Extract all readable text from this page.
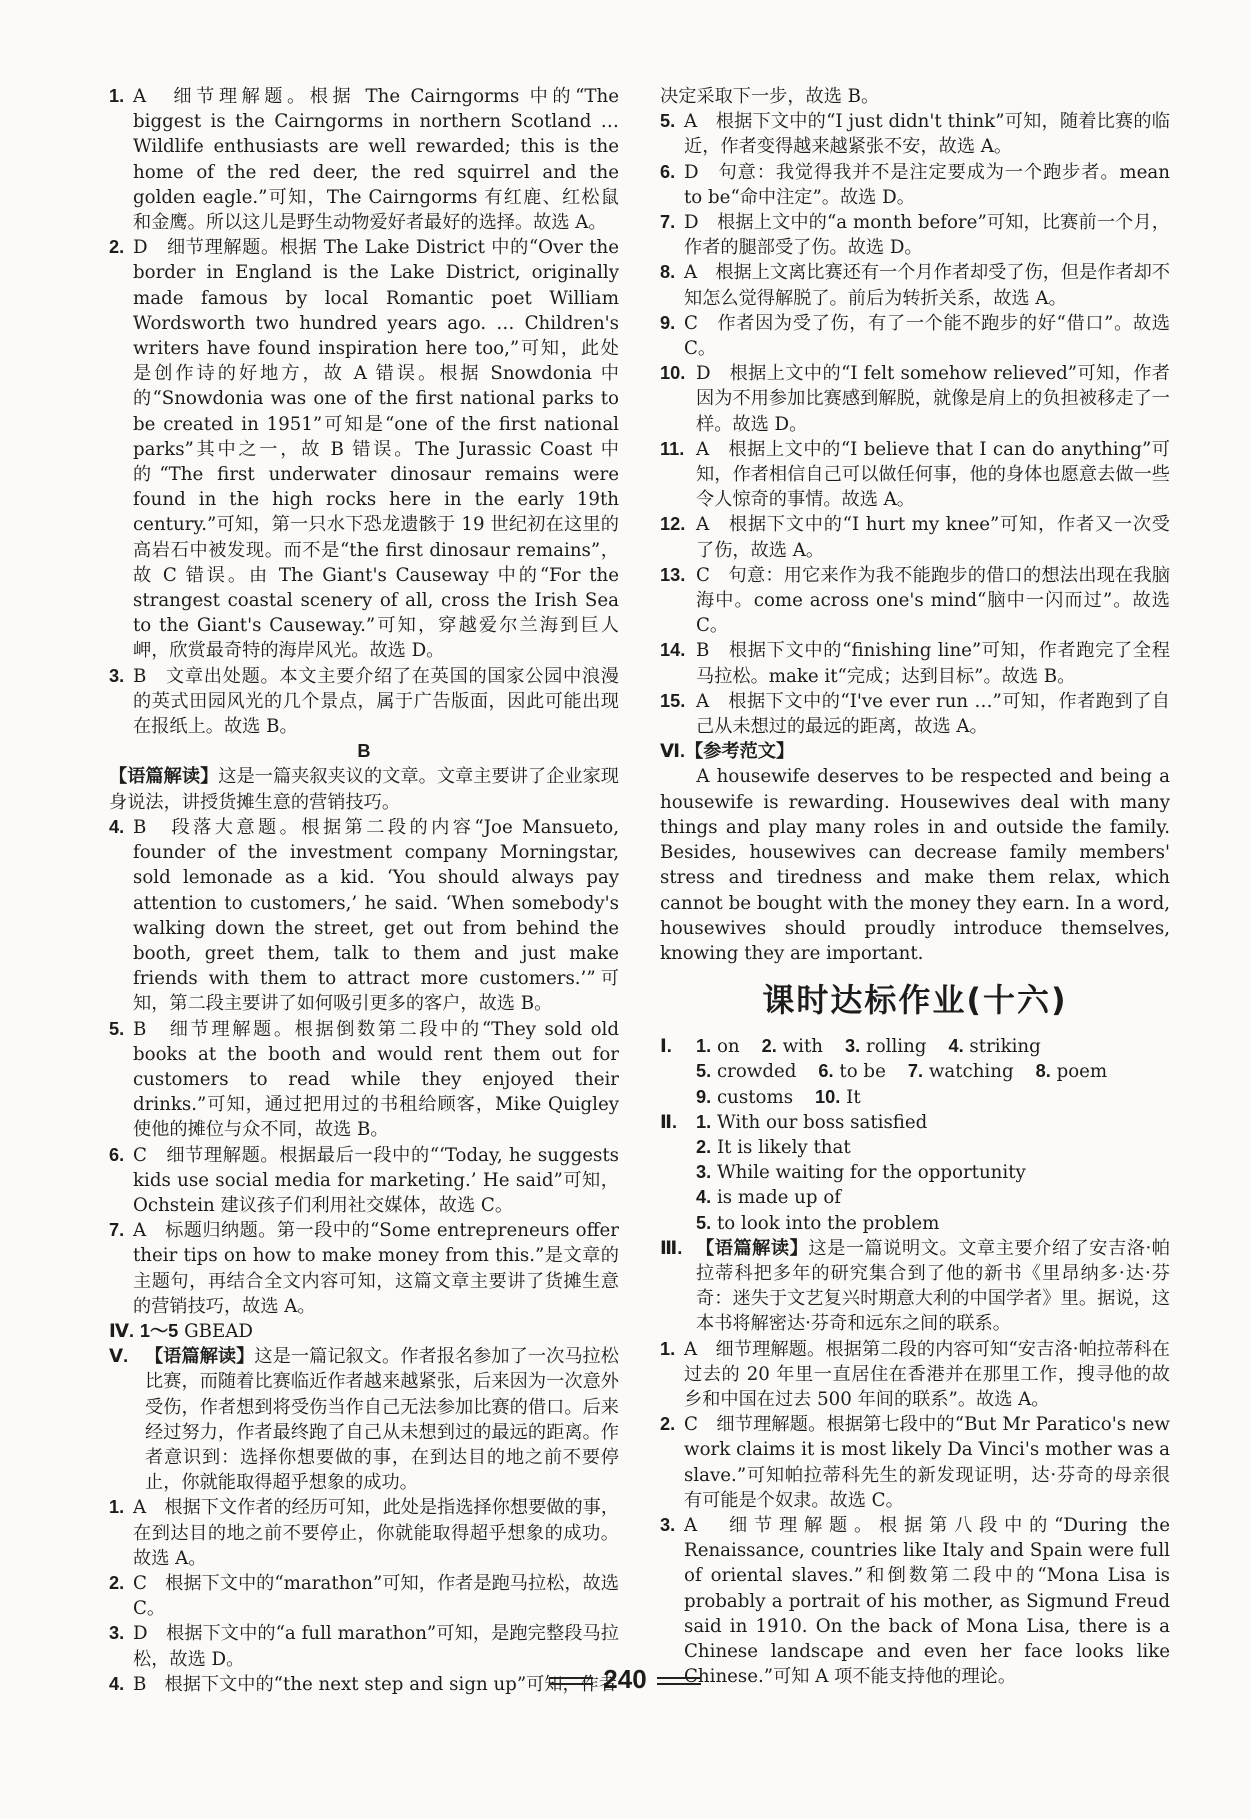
1. A　细节理解题。根据 The Cairngorms 中的“The biggest is the Cairngorms in northern Scotland … Wildlife enthusiasts are well rewarded; this is the home of the red deer, the red squirrel and the golden eagle.”可知，The Cairngorms 有红鹿、红松鼠和金鹰。所以这儿是野生动物爱好者最好的选择。故选 A。
2. D　细节理解题。根据 The Lake District 中的“Over the border in England is the Lake District, originally made famous by local Romantic poet William Wordsworth two hundred years ago. … Children's writers have found inspiration here too,”可知，此处是创作诗的好地方，故 A 错误。根据 Snowdonia 中的“Snowdonia was one of the first national parks to be created in 1951”可知是“one of the first national parks”其中之一，故 B 错误。The Jurassic Coast 中的“The first underwater dinosaur remains were found in the high rocks here in the early 19th century.”可知，第一只水下恐龙遗骸于 19 世纪初在这里的高岩石中被发现。而不是“the first dinosaur remains”，故 C 错误。由 The Giant's Causeway 中的“For the strangest coastal scenery of all, cross the Irish Sea to the Giant's Causeway.”可知，穿越爱尔兰海到巨人岬，欣赏最奇特的海岸风光。故选 D。
3. B　文章出处题。本文主要介绍了在英国的国家公园中浪漫的英式田园风光的几个景点，属于广告版面，因此可能出现在报纸上。故选 B。
B
【语篇解读】这是一篇夹叙夹议的文章。文章主要讲了企业家现身说法，讲授货摊生意的营销技巧。
4. B　段落大意题。根据第二段的内容“Joe Mansueto, founder of the investment company Morningstar, sold lemonade as a kid. ‘You should always pay attention to customers,’ he said. ‘When somebody's walking down the street, get out from behind the booth, greet them, talk to them and just make friends with them to attract more customers.’”可知，第二段主要讲了如何吸引更多的客户，故选 B。
5. B　细节理解题。根据倒数第二段中的“They sold old books at the booth and would rent them out for customers to read while they enjoyed their drinks.”可知，通过把用过的书租给顾客，Mike Quigley 使他的摊位与众不同，故选 B。
6. C　细节理解题。根据最后一段中的“‘Today, he suggests kids use social media for marketing.’ He said”可知，Ochstein 建议孩子们利用社交媒体，故选 C。
7. A　标题归纳题。第一段中的“Some entrepreneurs offer their tips on how to make money from this.”是文章的主题句，再结合全文内容可知，这篇文章主要讲了货摊生意的营销技巧，故选 A。
Ⅳ. 1～5 GBEAD
Ⅴ. 【语篇解读】这是一篇记叙文。作者报名参加了一次马拉松比赛，而随着比赛临近作者越来越紧张，后来因为一次意外受伤，作者想到将受伤当作自己无法参加比赛的借口。后来经过努力，作者最终跑了自己从未想到过的最远的距离。作者意识到：选择你想要做的事，在到达目的地之前不要停止，你就能取得超乎想象的成功。
1. A　根据下文作者的经历可知，此处是指选择你想要做的事，在到达目的地之前不要停止，你就能取得超乎想象的成功。故选 A。
2. C　根据下文中的“marathon”可知，作者是跑马拉松，故选 C。
3. D　根据下文中的“a full marathon”可知，是跑完整段马拉松，故选 D。
4. B　根据下文中的“the next step and sign up”可知，作者
决定采取下一步，故选 B。
5. A　根据下文中的“I just didn't think”可知，随着比赛的临近，作者变得越来越紧张不安，故选 A。
6. D　句意：我觉得我并不是注定要成为一个跑步者。mean to be“命中注定”。故选 D。
7. D　根据上文中的“a month before”可知，比赛前一个月，作者的腿部受了伤。故选 D。
8. A　根据上文离比赛还有一个月作者却受了伤，但是作者却不知怎么觉得解脱了。前后为转折关系，故选 A。
9. C　作者因为受了伤，有了一个能不跑步的好“借口”。故选 C。
10. D　根据上文中的“I felt somehow relieved”可知，作者因为不用参加比赛感到解脱，就像是肩上的负担被移走了一样。故选 D。
11. A　根据上文中的“I believe that I can do anything”可知，作者相信自己可以做任何事，他的身体也愿意去做一些令人惊奇的事情。故选 A。
12. A　根据下文中的“I hurt my knee”可知，作者又一次受了伤，故选 A。
13. C　句意：用它来作为我不能跑步的借口的想法出现在我脑海中。come across one's mind“脑中一闪而过”。故选 C。
14. B　根据下文中的“finishing line”可知，作者跑完了全程马拉松。make it“完成；达到目标”。故选 B。
15. A　根据下文中的“I've ever run …”可知，作者跑到了自己从未想过的最远的距离，故选 A。
Ⅵ.【参考范文】
A housewife deserves to be respected and being a housewife is rewarding. Housewives deal with many things and play many roles in and outside the family. Besides, housewives can decrease family members' stress and tiredness and make them relax, which cannot be bought with the money they earn. In a word, housewives should proudly introduce themselves, knowing they are important.
课时达标作业(十六)
Ⅰ. 1. on 2. with 3. rolling 4. striking
5. crowded 6. to be 7. watching 8. poem
9. customs 10. It
Ⅱ. 1. With our boss satisfied
2. It is likely that
3. While waiting for the opportunity
4. is made up of
5. to look into the problem
Ⅲ. 【语篇解读】这是一篇说明文。文章主要介绍了安吉洛·帕拉蒂科把多年的研究集合到了他的新书《里昂纳多·达·芬奇：迷失于文艺复兴时期意大利的中国学者》里。据说，这本书将解密达·芬奇和远东之间的联系。
1. A　细节理解题。根据第二段的内容可知“安吉洛·帕拉蒂科在过去的 20 年里一直居住在香港并在那里工作，搜寻他的故乡和中国在过去 500 年间的联系”。故选 A。
2. C　细节理解题。根据第七段中的“But Mr Paratico's new work claims it is most likely Da Vinci's mother was a slave.”可知帕拉蒂科先生的新发现证明，达·芬奇的母亲很有可能是个奴隶。故选 C。
3. A　细节理解题。根据第八段中的“During the Renaissance, countries like Italy and Spain were full of oriental slaves.”和倒数第二段中的“Mona Lisa is probably a portrait of his mother, as Sigmund Freud said in 1910. On the back of Mona Lisa, there is a Chinese landscape and even her face looks like Chinese.”可知 A 项不能支持他的理论。
240
